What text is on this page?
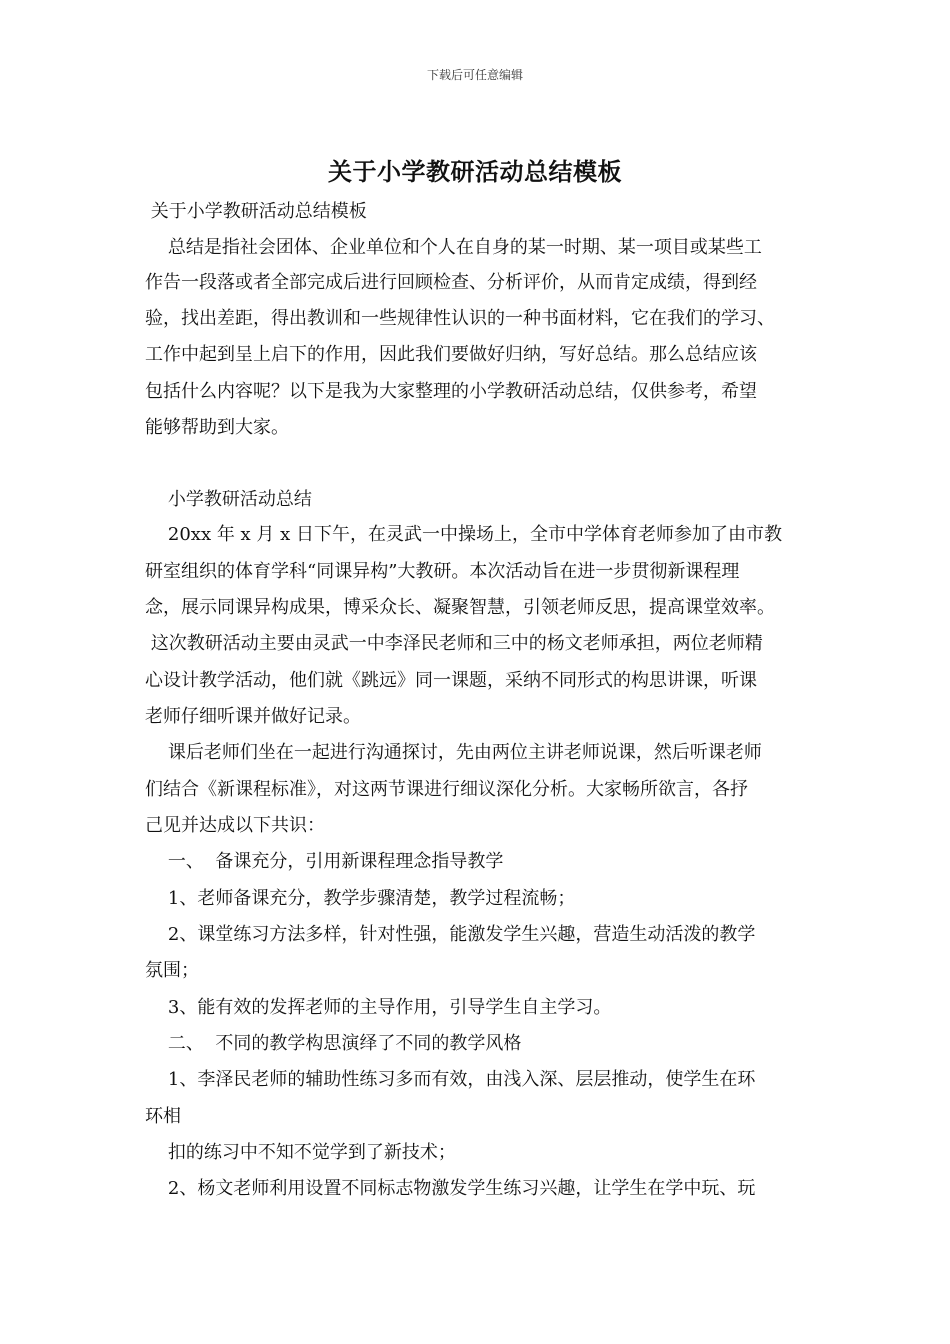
下载后可任意编辑
关于小学教研活动总结模板
关于小学教研活动总结模板
总结是指社会团体、企业单位和个人在自身的某一时期、某一项目或某些工
作告一段落或者全部完成后进行回顾检查、分析评价，从而肯定成绩，得到经
验，找出差距，得出教训和一些规律性认识的一种书面材料，它在我们的学习、
工作中起到呈上启下的作用，因此我们要做好归纳，写好总结。那么总结应该
包括什么内容呢？以下是我为大家整理的小学教研活动总结，仅供参考，希望
能够帮助到大家。
小学教研活动总结
20xx 年 x 月 x 日下午，在灵武一中操场上，全市中学体育老师参加了由市教
研室组织的体育学科“同课异构”大教研。本次活动旨在进一步贯彻新课程理
念，展示同课异构成果，博采众长、凝聚智慧，引领老师反思，提高课堂效率。
这次教研活动主要由灵武一中李泽民老师和三中的杨文老师承担，两位老师精
心设计教学活动，他们就《跳远》同一课题，采纳不同形式的构思讲课，听课
老师仔细听课并做好记录。
课后老师们坐在一起进行沟通探讨，先由两位主讲老师说课，然后听课老师
们结合《新课程标准》，对这两节课进行细议深化分析。大家畅所欲言，各抒
己见并达成以下共识：
一、  备课充分，引用新课程理念指导教学
1、老师备课充分，教学步骤清楚，教学过程流畅；
2、课堂练习方法多样，针对性强，能激发学生兴趣，营造生动活泼的教学
氛围；
3、能有效的发挥老师的主导作用，引导学生自主学习。
二、  不同的教学构思演绎了不同的教学风格
1、李泽民老师的辅助性练习多而有效，由浅入深、层层推动，使学生在环
环相
扣的练习中不知不觉学到了新技术；
2、杨文老师利用设置不同标志物激发学生练习兴趣，让学生在学中玩、玩
